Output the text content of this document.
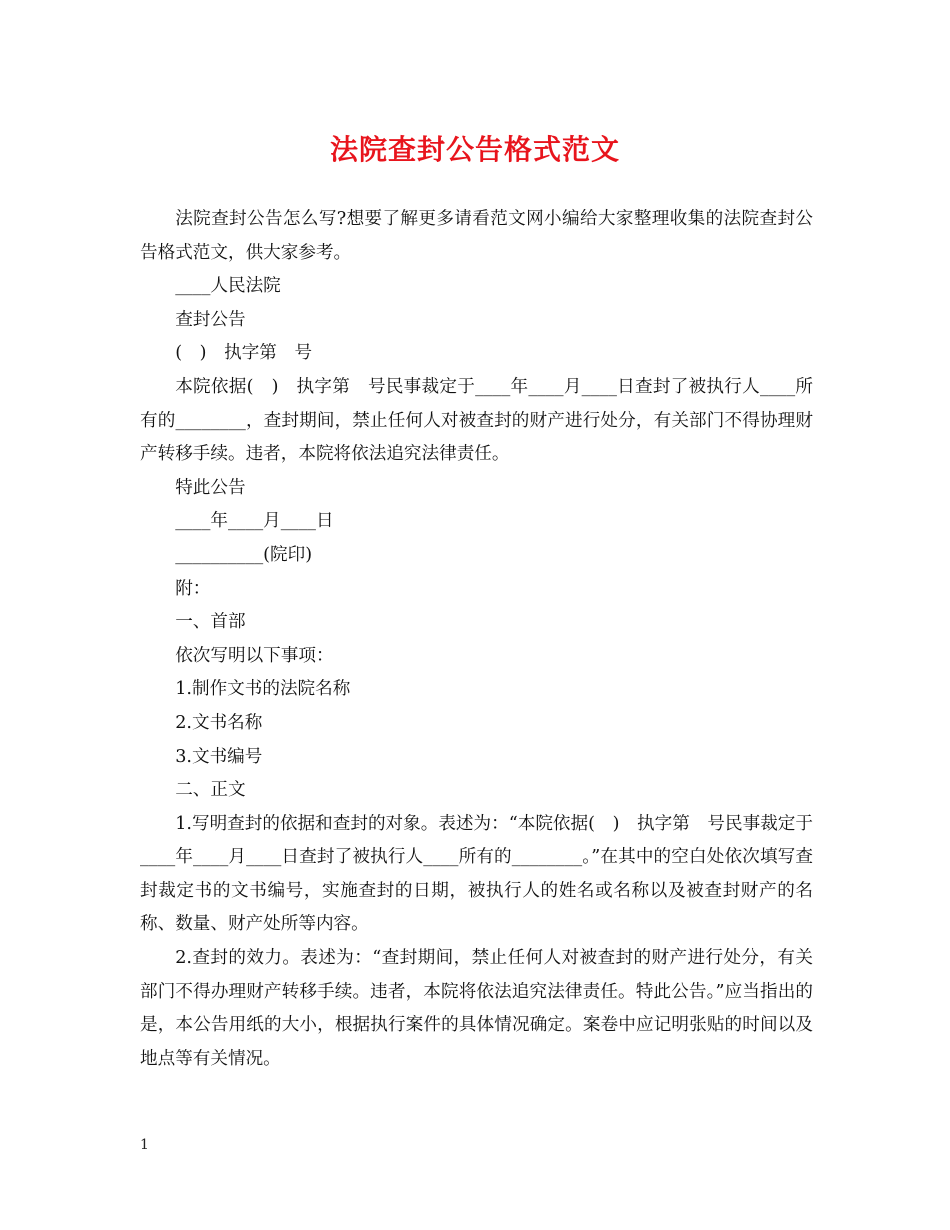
法院查封公告格式范文

法院查封公告怎么写?想要了解更多请看范文网小编给大家整理收集的法院查封公告格式范文，供大家参考。

____人民法院

查封公告

(　)　执字第　号

本院依据(　)　执字第　号民事裁定于____年____月____日查封了被执行人____所有的________，查封期间，禁止任何人对被查封的财产进行处分，有关部门不得协理财产转移手续。违者，本院将依法追究法律责任。

特此公告

____年____月____日

__________(院印)

附：

一、首部

依次写明以下事项：

1.制作文书的法院名称

2.文书名称

3.文书编号

二、正文

1.写明查封的依据和查封的对象。表述为：“本院依据(　)　执字第　号民事裁定于____年____月____日查封了被执行人____所有的________。”在其中的空白处依次填写查封裁定书的文书编号，实施查封的日期，被执行人的姓名或名称以及被查封财产的名称、数量、财产处所等内容。

2.查封的效力。表述为：“查封期间，禁止任何人对被查封的财产进行处分，有关部门不得办理财产转移手续。违者，本院将依法追究法律责任。特此公告。”应当指出的是，本公告用纸的大小，根据执行案件的具体情况确定。案卷中应记明张贴的时间以及地点等有关情况。

1
